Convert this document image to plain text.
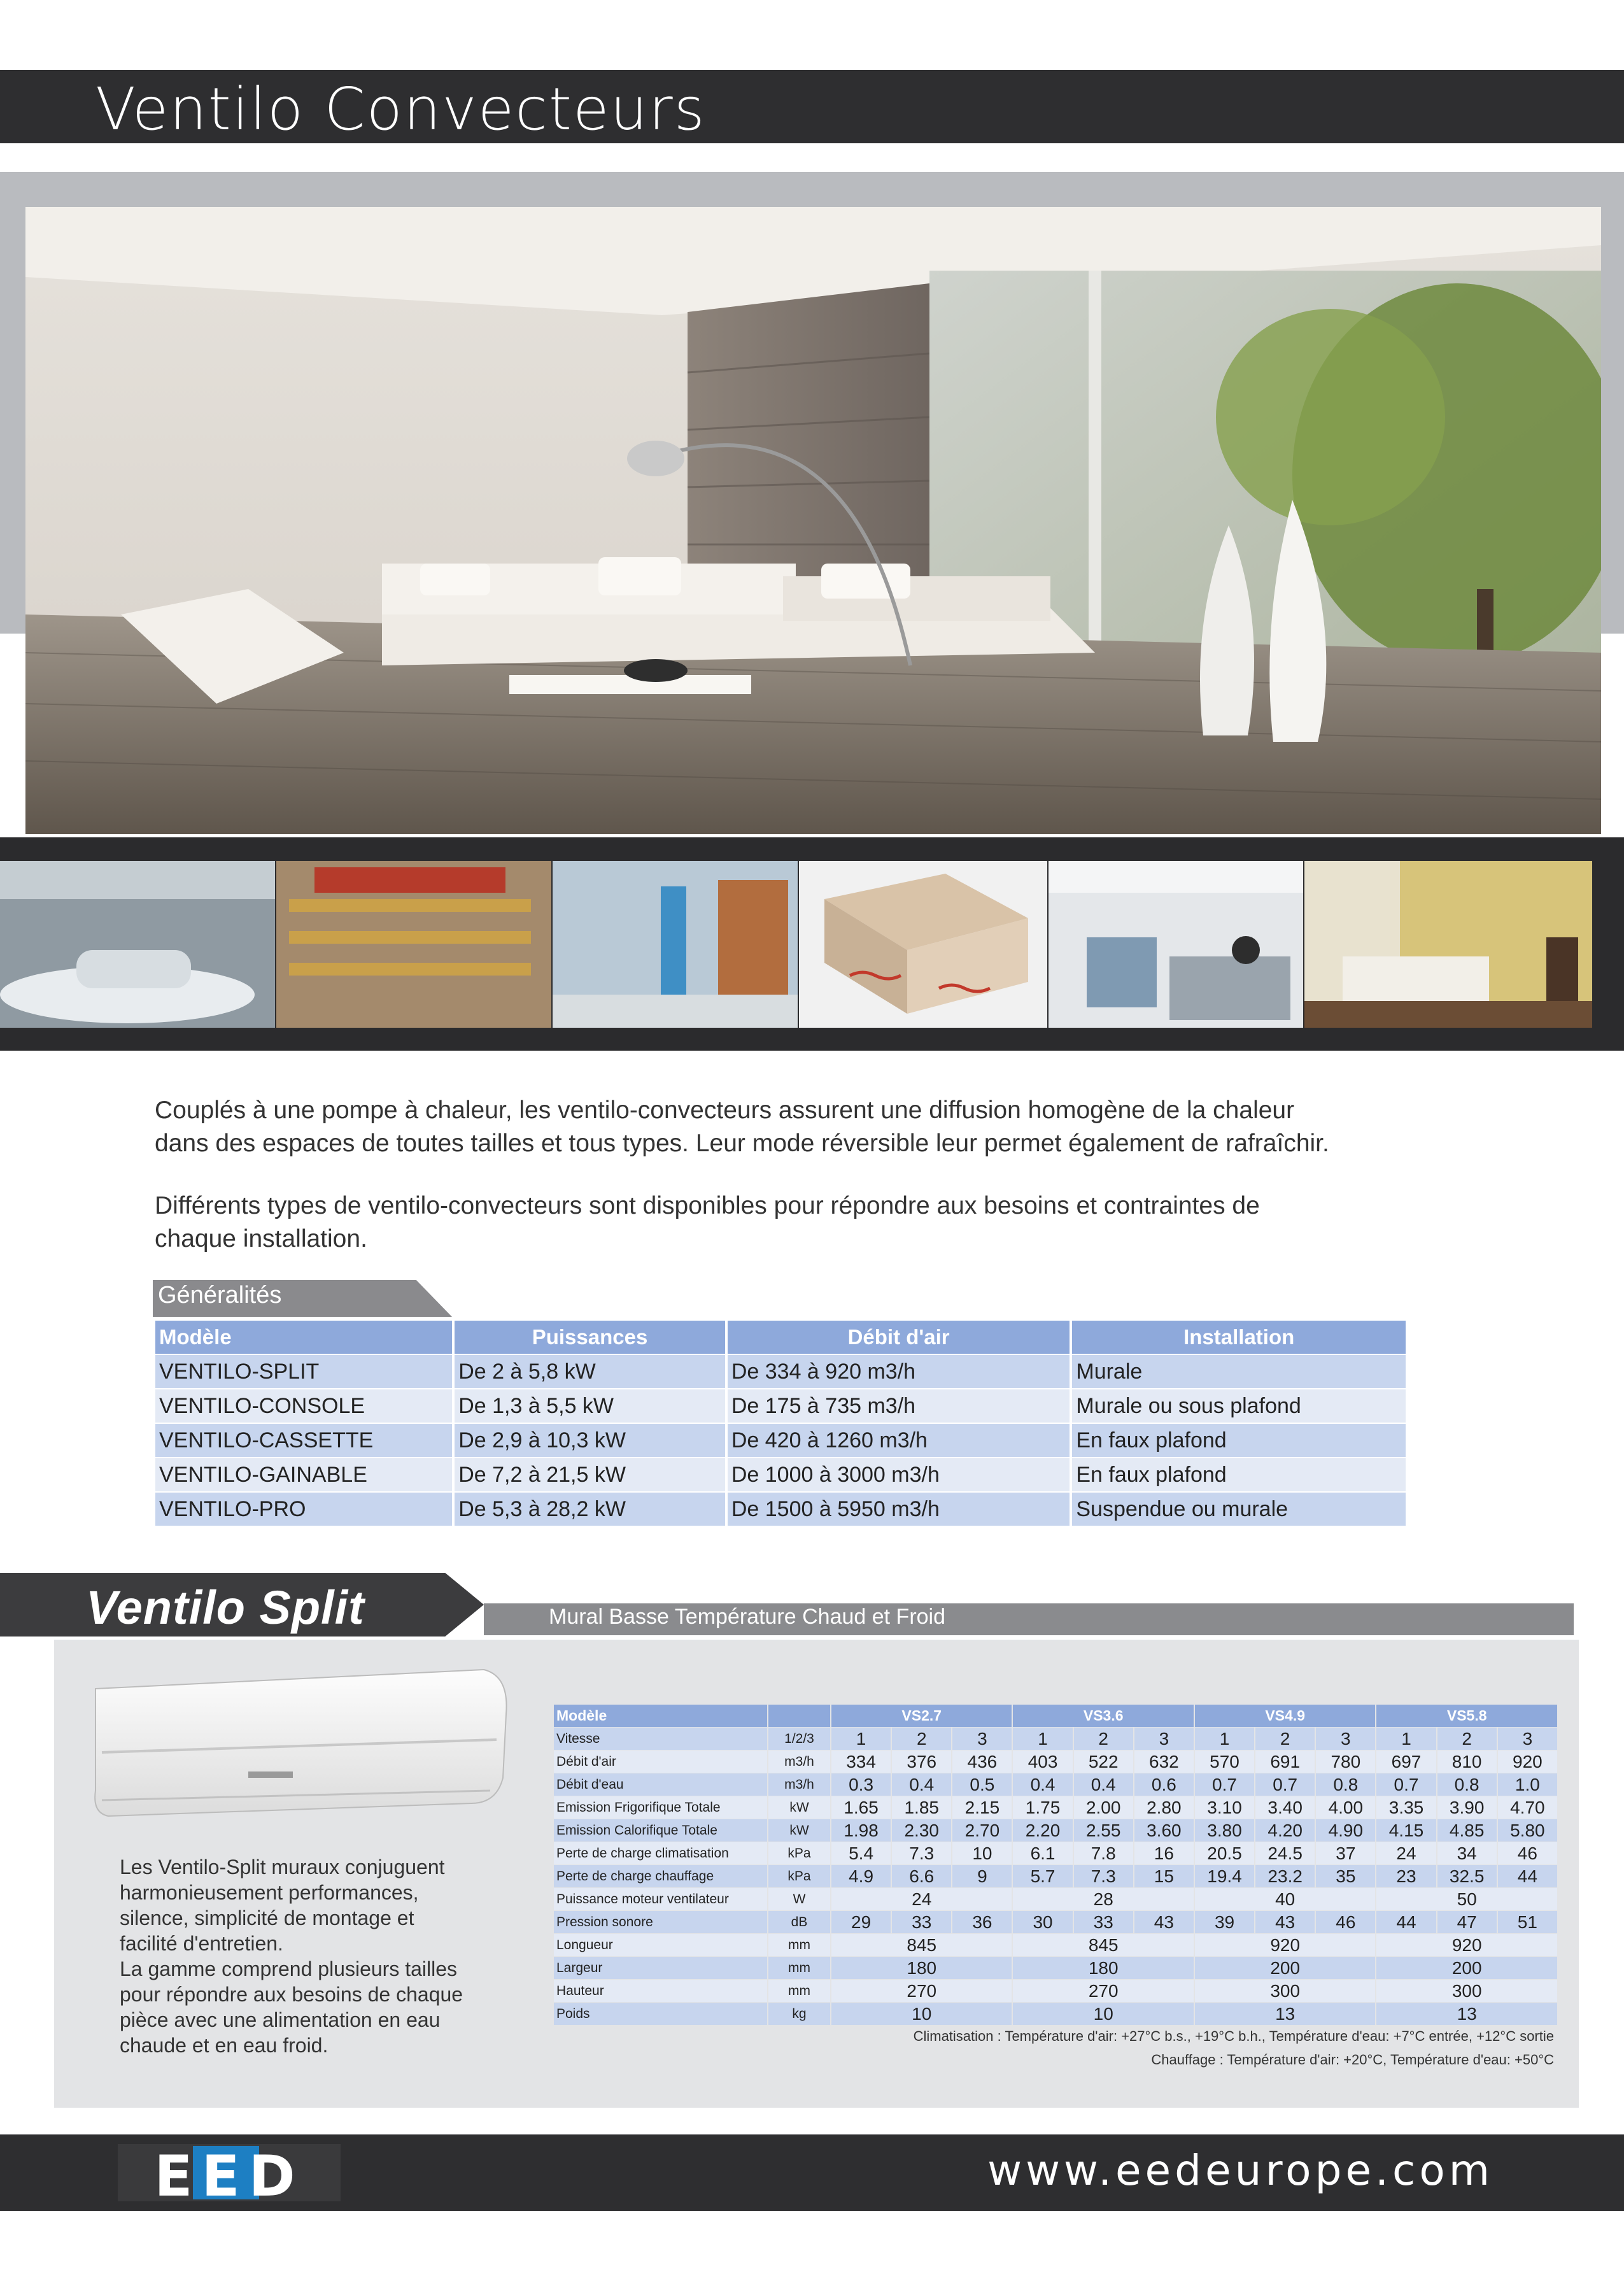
Ventilo Convecteurs
Couplés à une pompe à chaleur, les ventilo-convecteurs assurent une diffusion homogène de la chaleur
dans des espaces de toutes tailles et tous types. Leur mode réversible leur permet également de rafraîchir.
Différents types de ventilo-convecteurs sont disponibles pour répondre aux besoins et contraintes de
chaque installation.
Généralités
Modèle	Puissances	Débit d'air	Installation
VENTILO-SPLIT	De 2 à 5,8 kW	De 334 à 920 m3/h	Murale
VENTILO-CONSOLE	De 1,3 à 5,5 kW	De 175 à 735 m3/h	Murale ou sous plafond
VENTILO-CASSETTE	De 2,9 à 10,3 kW	De 420 à 1260 m3/h	En faux plafond
VENTILO-GAINABLE	De 7,2 à 21,5 kW	De 1000 à 3000 m3/h	En faux plafond
VENTILO-PRO	De 5,3 à 28,2 kW	De 1500 à 5950 m3/h	Suspendue ou murale
Mural Basse Température Chaud et Froid
Ventilo Split
Les Ventilo-Split muraux conjuguent
harmonieusement performances,
silence, simplicité de montage et
facilité d'entretien.
La gamme comprend plusieurs tailles
pour répondre aux besoins de chaque
pièce avec une alimentation en eau
chaude et en eau froid.
Modèle		VS2.7			VS3.6			VS4.9			VS5.8		
Vitesse	1/2/3	1	2	3	1	2	3	1	2	3	1	2	3
Débit d'air	m3/h	334	376	436	403	522	632	570	691	780	697	810	920
Débit d'eau	m3/h	0.3	0.4	0.5	0.4	0.4	0.6	0.7	0.7	0.8	0.7	0.8	1.0
Emission Frigorifique Totale	kW	1.65	1.85	2.15	1.75	2.00	2.80	3.10	3.40	4.00	3.35	3.90	4.70
Emission Calorifique Totale	kW	1.98	2.30	2.70	2.20	2.55	3.60	3.80	4.20	4.90	4.15	4.85	5.80
Perte de charge climatisation	kPa	5.4	7.3	10	6.1	7.8	16	20.5	24.5	37	24	34	46
Perte de charge chauffage	kPa	4.9	6.6	9	5.7	7.3	15	19.4	23.2	35	23	32.5	44
Puissance moteur ventilateur	W	24			28			40			50		
Pression sonore	dB	29	33	36	30	33	43	39	43	46	44	47	51
Longueur	mm	845			845			920			920		
Largeur	mm	180			180			200			200		
Hauteur	mm	270			270			300			300		
Poids	kg	10			10			13			13		
Climatisation : Température d'air: +27°C b.s., +19°C b.h., Température d'eau: +7°C entrée, +12°C sortie
Chauffage : Température d'air: +20°C, Température d'eau: +50°C
EED	www.eedeurope.com
